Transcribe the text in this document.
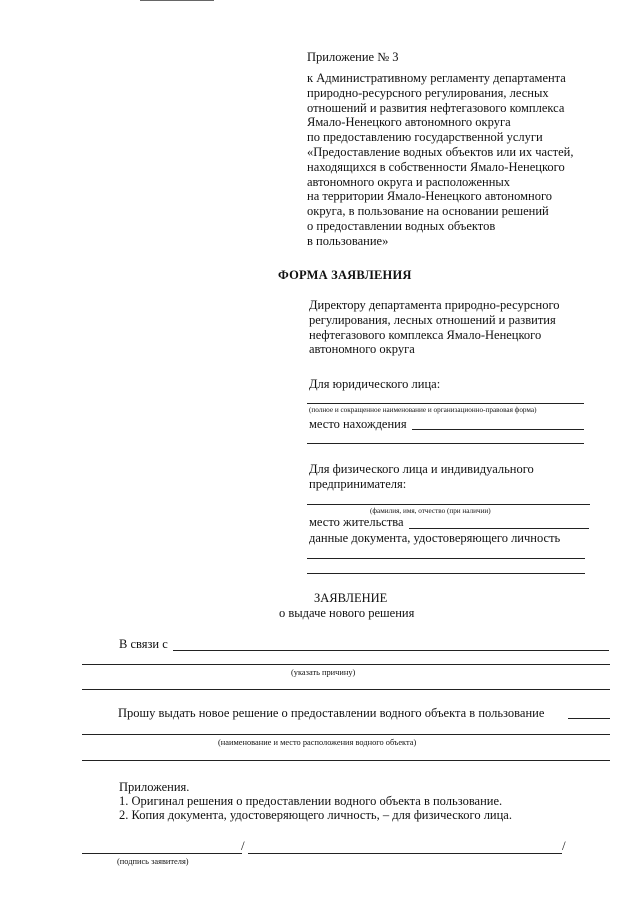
Приложение № 3
к Административному регламенту департамента
природно-ресурсного регулирования, лесных
отношений и развития нефтегазового комплекса
Ямало-Ненецкого автономного округа
по предоставлению государственной услуги
«Предоставление водных объектов или их частей,
находящихся в собственности Ямало-Ненецкого
автономного округа и расположенных
на территории Ямало-Ненецкого автономного
округа, в пользование на основании решений
о предоставлении водных объектов
в пользование»
ФОРМА ЗАЯВЛЕНИЯ
Директору департамента природно-ресурсного
регулирования, лесных отношений и развития
нефтегазового комплекса Ямало-Ненецкого
автономного округа
Для юридического лица:
(полное и сокращенное наименование и организационно-правовая форма)
место нахождения
Для физического лица и индивидуального
предпринимателя:
(фамилия, имя, отчество (при наличии)
место жительства
данные документа, удостоверяющего личность
ЗАЯВЛЕНИЕ
о выдаче нового решения
В связи с
(указать причину)
Прошу выдать новое решение о предоставлении водного объекта в пользование
(наименование и место расположения водного объекта)
Приложения.
1. Оригинал решения о предоставлении водного объекта в пользование.
2. Копия документа, удостоверяющего личность, – для физического лица.
/	/
(подпись заявителя)
